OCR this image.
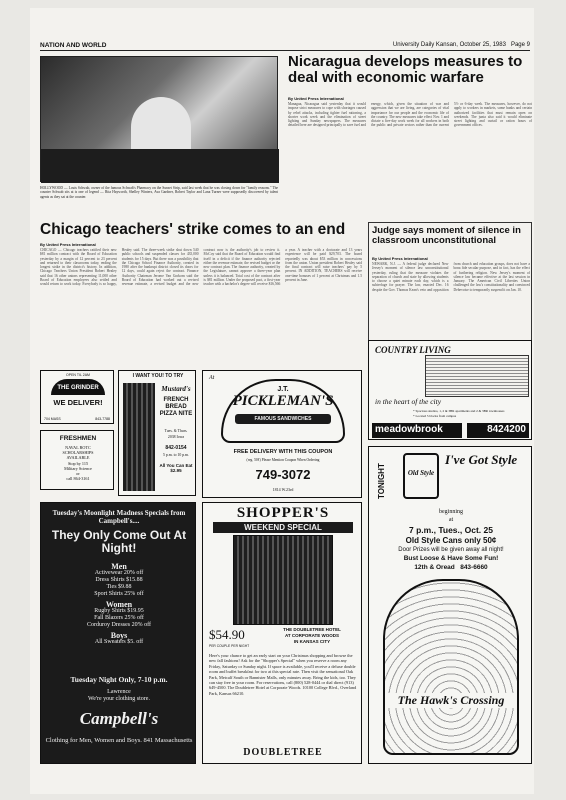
NATION AND WORLD	University Daily Kansan, October 25, 1983 Page 9
HOLLYWOOD — Louis Schwab, owner of the famous Schwab's Pharmacy on the Sunset Strip, said last week that he was closing down for "family reasons." The counter Schwab sits at is one of legend — Rita Hayworth, Shelley Winters, Ava Gardner, Robert Taylor and Lana Turner were supposedly discovered by talent agents as they sat at the counter.
Nicaragua develops measures to deal with economic warfare
By United Press International
Managua, Nicaragua said yesterday that it would impose strict measures to cope with shortages caused by rebel attacks, including tighter fuel rationing, a shorter work week and the elimination of street lighting and Sunday newspapers. The measures detailed here are designed principally to save fuel and energy, which, given the situation of war and aggression that we are living, are categories of vital importance for our people and the economic life of the country. The new measures take effect Nov. 1 and dictate a five-day work week for all workers in both the public and private sectors rather than the current 5½ or 6-day week. The measures, however, do not apply to workers in markets, some banks and certain authorized facilities that must remain open on weekends. The junta also said it would eliminate street lighting and curtail or ration hours of government offices.
Chicago teachers' strike comes to an end
By United Press International
CHICAGO — Chicago teachers ratified their new $81 million contract with the Board of Education yesterday by a margin of 12 percent to 23 percent and returned to their classrooms today, ending the longest strike in the district's history. In addition, Chicago Teachers Union President Robert Healey said that 16 other unions representing 11,000 other Board of Education employees also settled and would return to work today. Everybody is so happy, Healey said. The three-week strike shut down 540 public schools and suspended classes for 435,000 students for 15 days. But there was a possibility that the Chicago School Finance Authority, created in 1980 after the bankrupt district closed its doors for 12 days, could again reject the contract. Finance Authority Chairman Jerome Van Gorkom said the Board of Education had worked out a revised revenue estimate, a revised budget and the new contract now is the authority's job to review it. McCoy said that the Board of Education would find itself in a deficit if the finance authority rejected either the revenue estimate, the revised budget or the new contract plan. The finance authority, created by the Legislature, cannot approve a three-year plan unless it is balanced. Total cost of the contract after is $81 million. Under the proposed pact, a first-year teacher with a bachelor's degree will receive $16,566 a year. A teacher with a doctorate and 13 years experience will be paid $29,703. The board reportedly was about $53 million in concessions from the union. Union president Robert Healey said the final contract will raise teachers' pay by 5 percent. IN ADDITION, TEACHERS will receive one-time bonuses of 1 percent at Christmas and 1.5 percent in June.
Judge says moment of silence in classroom unconstitutional
By United Press International
NEWARK, N.J. — A federal judge declared New Jersey's moment of silence law unconstitutional yesterday, ruling that the measure violates the separation of church and state by allowing students to choose a quiet minute each day, which is a subterfuge for prayer. The law, enacted Dec. 16 despite the Gov. Thomas Kean's veto and opposition from church and education groups, does not have a bona fide secular purpose, and in fact, has the effect of furthering religion. New Jersey's moment of silence law became effective at the last session in January. The American Civil Liberties Union challenged the law's constitutionality and convinced Debevoise to temporarily suspend it on Jan. 10.
OPEN TIL 2AM
THE GRINDER
WE DELIVER!
704 MASS	843-7788
FRESHMEN
NAVAL ROTC
SCHOLARSHIPS
AVAILABLE
Stop by 115
Military Science
or
call 864-3161
I WANT YOU! TO TRY
Mustard's
FRENCH BREAD PIZZA NITE
Tues. & Thurs.
2038 Iowa
842-0154
5 p.m. to 10 p.m.
All You Can Eat $2.95
At
J.T.
PICKLEMAN'S
FAMOUS SANDWICHES
FREE DELIVERY WITH THIS COUPON
(reg. 50¢) Please Mention Coupon When Ordering
749-3072
1814 W.23rd
COUNTRY LIVING
in the heart of the city
* Spacious studios, 1, 2 & 3BR apartments and 2 & 3BR townhouses
* Located 5 blocks from campus
meadowbrook	8424200
Tuesday's Moonlight Madness Specials from Campbell's....
They Only Come Out At Night!
Men
Activewear 20% off
Dress Shirts $15.88
Ties $9.88
Sport Shirts 25% off
Women
Rugby Shirts $19.95
Fall Blazers 25% off
Corduroy Dresses 20% off
Boys
All Sweaters $5. off
Tuesday Night Only, 7-10 p.m.
Lawrence
We're your clothing store.
Campbell's
Clothing for Men, Women and Boys. 841 Massachusetts
SHOPPER'S
WEEKEND SPECIAL
$54.90
PER COUPLE PER NIGHT
THE DOUBLETREE HOTEL
AT CORPORATE WOODS
IN KANSAS CITY
Here's your chance to get an early start on your Christmas shopping and browse the new fall fashions! Ask for the "Shopper's Special" when you reserve a room any Friday, Saturday or Sunday night. If space is available, you'll receive a deluxe double room and buffet breakfast for two at this special rate. Then visit the sensational Oak Park, Metcalf South or Bannister Malls, only minutes away. Bring the kids, too. They can stay free in your room. For reservations, call (800) 528-0444 or dial direct (913) 649-4500. The Doubletree Hotel at Corporate Woods. 10100 College Blvd., Overland Park, Kansas 66210.
DOUBLETREE
TONIGHT	Old Style
I've Got Style
beginning
at
7 p.m., Tues., Oct. 25
Old Style Cans only 50¢
Door Prizes will be given away all night!
Bust Loose & Have Some Fun!
12th & Oread 843-6660
The Hawk's Crossing
